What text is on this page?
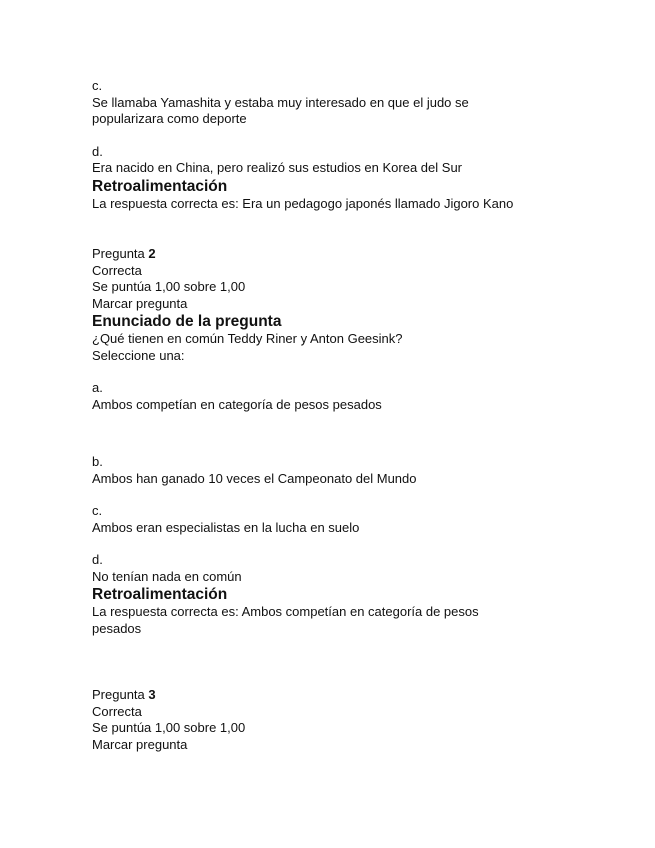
c.
Se llamaba Yamashita y estaba muy interesado en que el judo se popularizara como deporte
d.
Era nacido en China, pero realizó sus estudios en Korea del Sur
Retroalimentación
La respuesta correcta es: Era un pedagogo japonés llamado Jigoro Kano
Pregunta 2
Correcta
Se puntúa 1,00 sobre 1,00
Marcar pregunta
Enunciado de la pregunta
¿Qué tienen en común Teddy Riner y Anton Geesink?
Seleccione una:
a.
Ambos competían en categoría de pesos pesados
b.
Ambos han ganado 10 veces el Campeonato del Mundo
c.
Ambos eran especialistas en la lucha en suelo
d.
No tenían nada en común
Retroalimentación
La respuesta correcta es: Ambos competían en categoría de pesos pesados
Pregunta 3
Correcta
Se puntúa 1,00 sobre 1,00
Marcar pregunta
